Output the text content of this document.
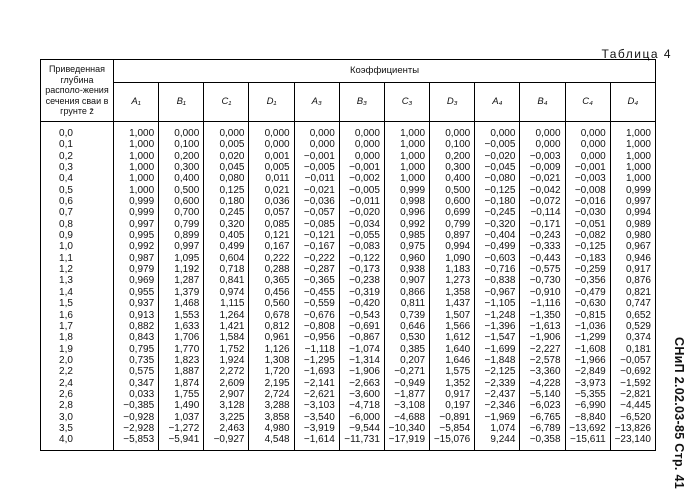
Таблица 4
Приведенная глубина располо-жения сечения сваи в грунте z̄	Коэффициенты											
	A₁	B₁	C₁	D₁	A₃	B₃	C₃	D₃	A₄	B₄	C₄	D₄
0,0	1,000	0,000	0,000	0,000	0,000	0,000	1,000	0,000	0,000	0,000	0,000	1,000
0,1	1,000	0,100	0,005	0,000	0,000	0,000	1,000	0,100	−0,005	0,000	0,000	1,000
0,2	1,000	0,200	0,020	0,001	−0,001	0,000	1,000	0,200	−0,020	−0,003	0,000	1,000
0,3	1,000	0,300	0,045	0,005	−0,005	−0,001	1,000	0,300	−0,045	−0,009	−0,001	1,000
0,4	1,000	0,400	0,080	0,011	−0,011	−0,002	1,000	0,400	−0,080	−0,021	−0,003	1,000
0,5	1,000	0,500	0,125	0,021	−0,021	−0,005	0,999	0,500	−0,125	−0,042	−0,008	0,999
0,6	0,999	0,600	0,180	0,036	−0,036	−0,011	0,998	0,600	−0,180	−0,072	−0,016	0,997
0,7	0,999	0,700	0,245	0,057	−0,057	−0,020	0,996	0,699	−0,245	−0,114	−0,030	0,994
0,8	0,997	0,799	0,320	0,085	−0,085	−0,034	0,992	0,799	−0,320	−0,171	−0,051	0,989
0,9	0,995	0,899	0,405	0,121	−0,121	−0,055	0,985	0,897	−0,404	−0,243	−0,082	0,980
1,0	0,992	0,997	0,499	0,167	−0,167	−0,083	0,975	0,994	−0,499	−0,333	−0,125	0,967
1,1	0,987	1,095	0,604	0,222	−0,222	−0,122	0,960	1,090	−0,603	−0,443	−0,183	0,946
1,2	0,979	1,192	0,718	0,288	−0,287	−0,173	0,938	1,183	−0,716	−0,575	−0,259	0,917
1,3	0,969	1,287	0,841	0,365	−0,365	−0,238	0,907	1,273	−0,838	−0,730	−0,356	0,876
1,4	0,955	1,379	0,974	0,456	−0,455	−0,319	0,866	1,358	−0,967	−0,910	−0,479	0,821
1,5	0,937	1,468	1,115	0,560	−0,559	−0,420	0,811	1,437	−1,105	−1,116	−0,630	0,747
1,6	0,913	1,553	1,264	0,678	−0,676	−0,543	0,739	1,507	−1,248	−1,350	−0,815	0,652
1,7	0,882	1,633	1,421	0,812	−0,808	−0,691	0,646	1,566	−1,396	−1,613	−1,036	0,529
1,8	0,843	1,706	1,584	0,961	−0,956	−0,867	0,530	1,612	−1,547	−1,906	−1,299	0,374
1,9	0,795	1,770	1,752	1,126	−1,118	−1,074	0,385	1,640	−1,699	−2,227	−1,608	0,181
2,0	0,735	1,823	1,924	1,308	−1,295	−1,314	0,207	1,646	−1,848	−2,578	−1,966	−0,057
2,2	0,575	1,887	2,272	1,720	−1,693	−1,906	−0,271	1,575	−2,125	−3,360	−2,849	−0,692
2,4	0,347	1,874	2,609	2,195	−2,141	−2,663	−0,949	1,352	−2,339	−4,228	−3,973	−1,592
2,6	0,033	1,755	2,907	2,724	−2,621	−3,600	−1,877	0,917	−2,437	−5,140	−5,355	−2,821
2,8	−0,385	1,490	3,128	3,288	−3,103	−4,718	−3,108	0,197	−2,346	−6,023	−6,990	−4,445
3,0	−0,928	1,037	3,225	3,858	−3,540	−6,000	−4,688	−0,891	−1,969	−6,765	−8,840	−6,520
3,5	−2,928	−1,272	2,463	4,980	−3,919	−9,544	−10,340	−5,854	1,074	−6,789	−13,692	−13,826
4,0	−5,853	−5,941	−0,927	4,548	−1,614	−11,731	−17,919	−15,076	9,244	−0,358	−15,611	−23,140 СНиП 2.02.03-85 Стр. 41
